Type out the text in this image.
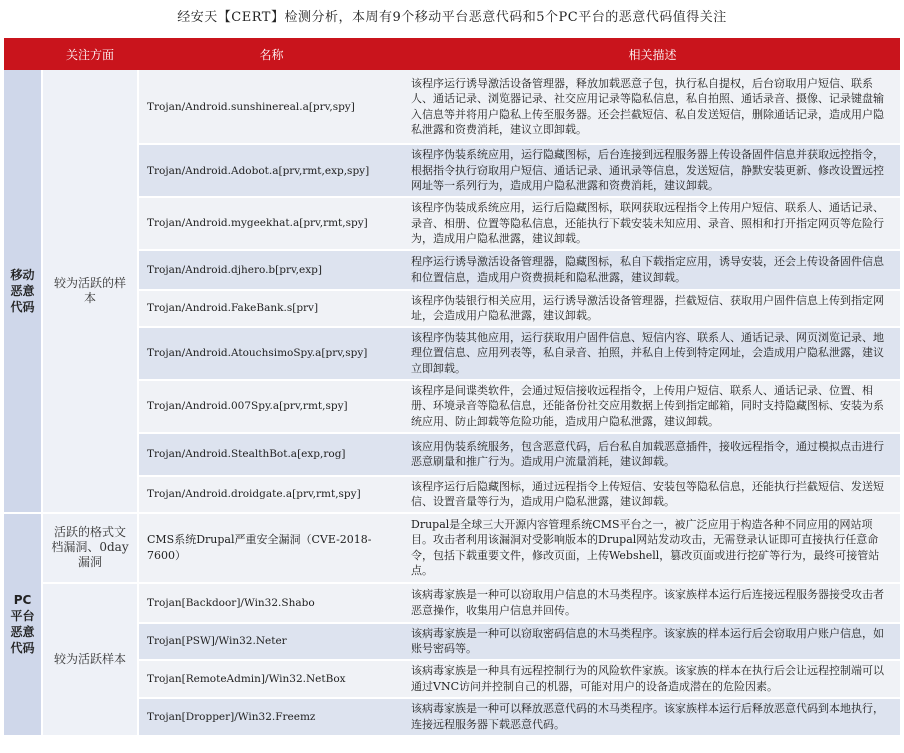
经安天【CERT】检测分析，本周有9个移动平台恶意代码和5个PC平台的恶意代码值得关注
	关注方面	名称	相关描述
移动恶意代码	较为活跃的样本	Trojan/Android.sunshinereal.a[prv,spy]	该程序运行诱导激活设备管理器，释放加载恶意子包，执行私自提权，后台窃取用户短信、联系人、通话记录、浏览器记录、社交应用记录等隐私信息，私自拍照、通话录音、摄像、记录键盘输入信息等并将用户隐私上传至服务器。还会拦截短信、私自发送短信，删除通话记录，造成用户隐私泄露和资费消耗，建议立即卸载。
		Trojan/Android.Adobot.a[prv,rmt,exp,spy]	该程序伪装系统应用，运行隐藏图标，后台连接到远程服务器上传设备固件信息并获取远控指令，根据指令执行窃取用户短信、通话记录、通讯录等信息，发送短信，静默安装更新、修改设置远控网址等一系列行为，造成用户隐私泄露和资费消耗，建议卸载。
		Trojan/Android.mygeekhat.a[prv,rmt,spy]	该程序伪装成系统应用，运行后隐藏图标，联网获取远程指令上传用户短信、联系人、通话记录、录音、相册、位置等隐私信息，还能执行下载安装未知应用、录音、照相和打开指定网页等危险行为，造成用户隐私泄露，建议卸载。
		Trojan/Android.djhero.b[prv,exp]	程序运行诱导激活设备管理器，隐藏图标，私自下载指定应用，诱导安装，还会上传设备固件信息和位置信息，造成用户资费损耗和隐私泄露，建议卸载。
		Trojan/Android.FakeBank.s[prv]	该程序伪装银行相关应用，运行诱导激活设备管理器，拦截短信、获取用户固件信息上传到指定网址，会造成用户隐私泄露，建议卸载。
		Trojan/Android.AtouchsimoSpy.a[prv,spy]	该程序伪装其他应用，运行获取用户固件信息、短信内容、联系人、通话记录、网页浏览记录、地理位置信息、应用列表等，私自录音、拍照，并私自上传到特定网址，会造成用户隐私泄露，建议立即卸载。
		Trojan/Android.007Spy.a[prv,rmt,spy]	该程序是间谍类软件，会通过短信接收远程指令，上传用户短信、联系人、通话记录、位置、相册、环境录音等隐私信息，还能备份社交应用数据上传到指定邮箱，同时支持隐藏图标、安装为系统应用、防止卸载等危险功能，造成用户隐私泄露，建议卸载。
		Trojan/Android.StealthBot.a[exp,rog]	该应用伪装系统服务，包含恶意代码，后台私自加载恶意插件，接收远程指令，通过模拟点击进行恶意刷量和推广行为。造成用户流量消耗，建议卸载。
		Trojan/Android.droidgate.a[prv,rmt,spy]	该程序运行后隐藏图标，通过远程指令上传短信、安装包等隐私信息，还能执行拦截短信、发送短信、设置音量等行为，造成用户隐私泄露，建议卸载。
PC平台恶意代码	活跃的格式文档漏洞、0day漏洞	CMS系统Drupal严重安全漏洞（CVE-2018-7600）	Drupal是全球三大开源内容管理系统CMS平台之一，被广泛应用于构造各种不同应用的网站项目。攻击者利用该漏洞对受影响版本的Drupal网站发动攻击，无需登录认证即可直接执行任意命令，包括下载重要文件，修改页面，上传Webshell，篡改页面或进行挖矿等行为，最终可接管站点。
	较为活跃样本	Trojan[Backdoor]/Win32.Shabo	该病毒家族是一种可以窃取用户信息的木马类程序。该家族样本运行后连接远程服务器接受攻击者恶意操作，收集用户信息并回传。
		Trojan[PSW]/Win32.Neter	该病毒家族是一种可以窃取密码信息的木马类程序。该家族的样本运行后会窃取用户账户信息，如账号密码等。
		Trojan[RemoteAdmin]/Win32.NetBox	该病毒家族是一种具有远程控制行为的风险软件家族。该家族的样本在执行后会让远程控制端可以通过VNC访问并控制自己的机器，可能对用户的设备造成潜在的危险因素。
		Trojan[Dropper]/Win32.Freemz	该病毒家族是一种可以释放恶意代码的木马类程序。该家族样本运行后释放恶意代码到本地执行，连接远程服务器下载恶意代码。
